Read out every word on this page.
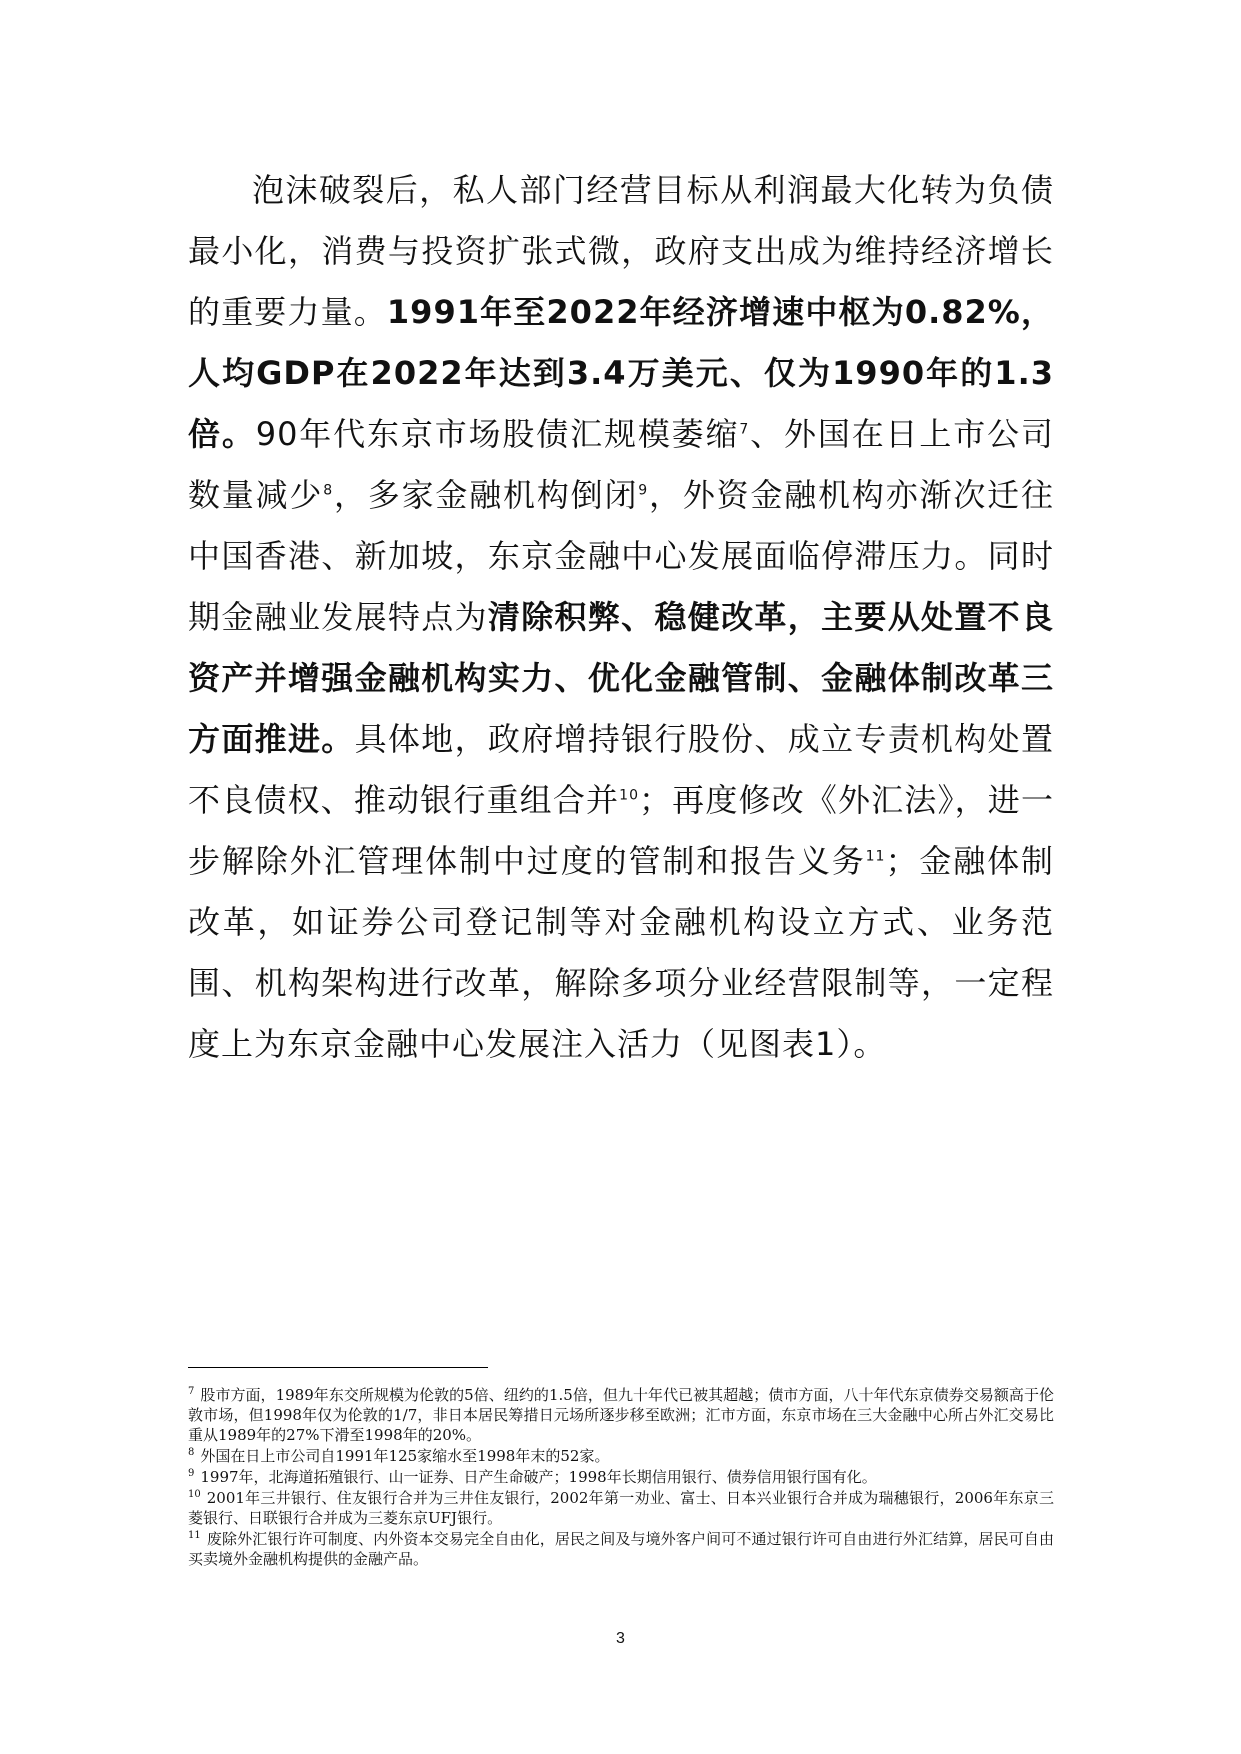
泡沫破裂后，私人部门经营目标从利润最大化转为负债最小化，消费与投资扩张式微，政府支出成为维持经济增长的重要力量。1991年至2022年经济增速中枢为0.82%，人均GDP在2022年达到3.4万美元、仅为1990年的1.3倍。90年代东京市场股债汇规模萎缩$^7$、外国在日上市公司数量减少$^8$，多家金融机构倒闭$^9$，外资金融机构亦渐次迁往中国香港、新加坡，东京金融中心发展面临停滞压力。同时期金融业发展特点为清除积弊、稳健改革，主要从处置不良资产并增强金融机构实力、优化金融管制、金融体制改革三方面推进。具体地，政府增持银行股份、成立专责机构处置不良债权、推动银行重组合并$^{10}$；再度修改《外汇法》，进一步解除外汇管理体制中过度的管制和报告义务$^{11}$；金融体制改革，如证券公司登记制等对金融机构设立方式、业务范围、机构架构进行改革，解除多项分业经营限制等，一定程度上为东京金融中心发展注入活力（见图表1）。

$^7$ 股市方面，1989年东交所规模为伦敦的5倍、纽约的1.5倍，但九十年代已被其超越；债市方面，八十年代东京债券交易额高于伦敦市场，但1998年仅为伦敦的1/7，非日本居民筹措日元场所逐步移至欧洲；汇市方面，东京市场在三大金融中心所占外汇交易比重从1989年的27%下滑至1998年的20%。

$^8$ 外国在日上市公司自1991年125家缩水至1998年末的52家。

$^9$ 1997年，北海道拓殖银行、山一证券、日产生命破产；1998年长期信用银行、债券信用银行国有化。

$^{10}$ 2001年三井银行、住友银行合并为三井住友银行，2002年第一劝业、富士、日本兴业银行合并成为瑞穗银行，2006年东京三菱银行、日联银行合并成为三菱东京UFJ银行。

$^{11}$ 废除外汇银行许可制度、内外资本交易完全自由化，居民之间及与境外客户间可不通过银行许可自由进行外汇结算，居民可自由买卖境外金融机构提供的金融产品。

3
